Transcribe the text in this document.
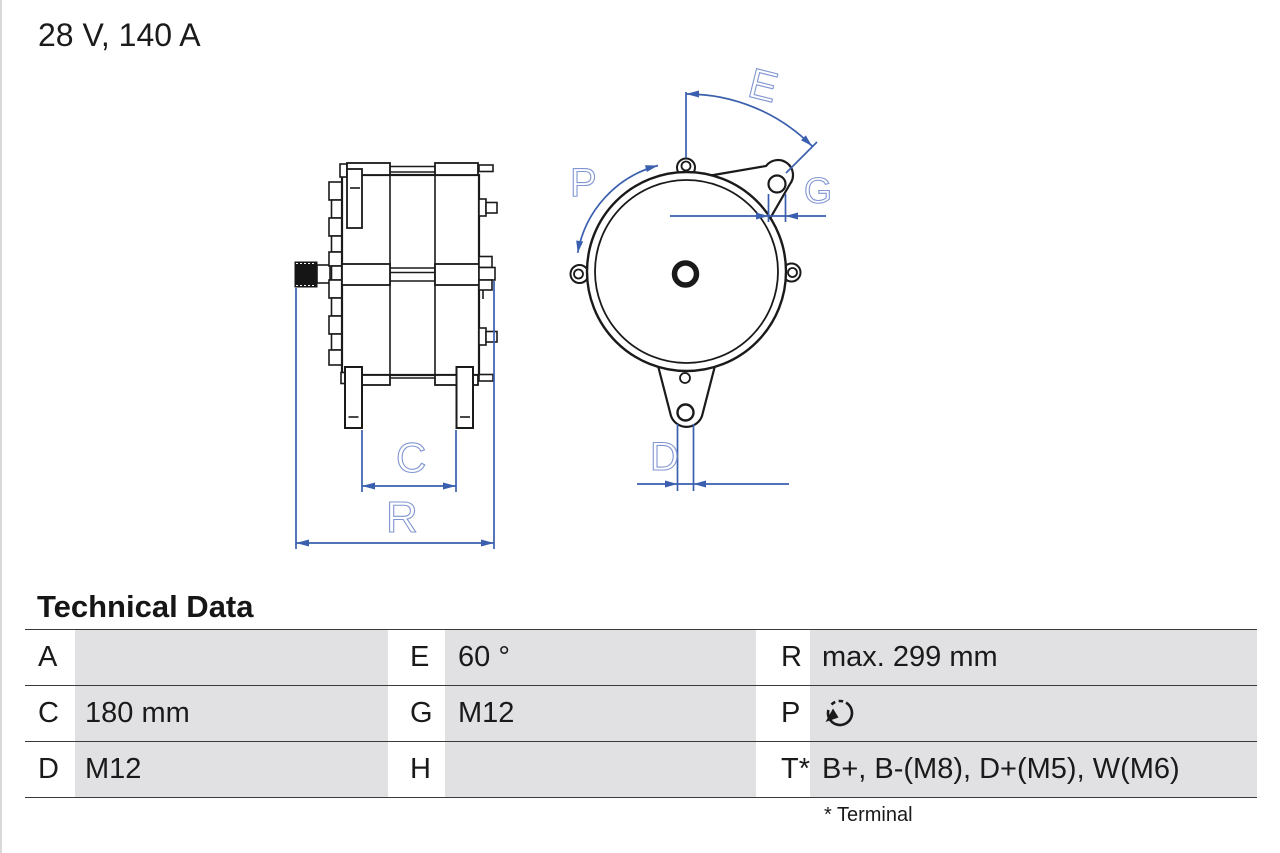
28 V, 140 A
C
R
D
E
P	G
Technical Data
A	E 60 °	R max. 299 mm
C 180 mm	G M12	P
D M12	H	T* B+, B-(M8), D+(M5), W(M6)
* Terminal
